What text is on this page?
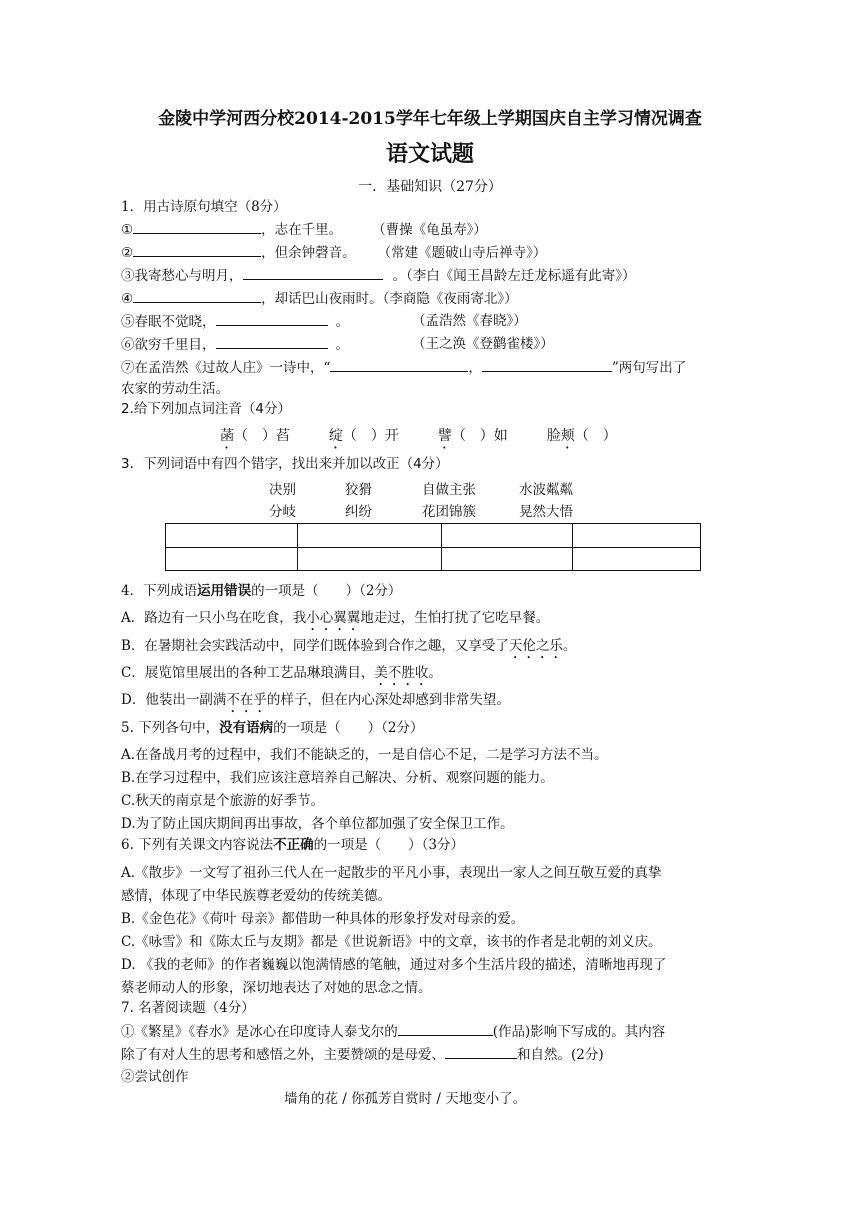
金陵中学河西分校2014-2015学年七年级上学期国庆自主学习情况调查
语文试题
一．基础知识（27分）
1．用古诗原句填空（8分）
①	，志在千里。 （曹操《龟虽寿》）
②	，但余钟磬音。 （常建《题破山寺后禅寺》）
③我寄愁心与明月，	。（李白《闻王昌龄左迁龙标遥有此寄》）
④	，却话巴山夜雨时。（李商隐《夜雨寄北》）
⑤春眠不觉晓，	。	（孟浩然《春晓》）
⑥欲穷千里目，	。	（王之涣《登鹳雀楼》）
⑦在孟浩然《过故人庄》一诗中，“	，	”两句写出了
农家的劳动生活。
2.给下列加点词注音（4分）
菡（　）萏	绽（　）开	譬（　）如	脸颊（　）
3．下列词语中有四个错字，找出来并加以改正（4分）
决别	狡猾	自做主张	水波粼粼
分岐	纠纷	花团锦簇	晃然大悟

4．下列成语运用错误的一项是（　　）（2分）
A．路边有一只小鸟在吃食，我小心翼翼地走过，生怕打扰了它吃早餐。
B．在暑期社会实践活动中，同学们既体验到合作之趣，又享受了天伦之乐。
C．展览馆里展出的各种工艺品琳琅满目，美不胜收。
D．他装出一副满不在乎的样子，但在内心深处却感到非常失望。
5. 下列各句中，没有语病的一项是（　　）（2分）
A.在备战月考的过程中，我们不能缺乏的，一是自信心不足，二是学习方法不当。
B.在学习过程中，我们应该注意培养自己解决、分析、观察问题的能力。
C.秋天的南京是个旅游的好季节。
D.为了防止国庆期间再出事故，各个单位都加强了安全保卫工作。
6. 下列有关课文内容说法不正确的一项是（　　）（3分）
A.《散步》一文写了祖孙三代人在一起散步的平凡小事，表现出一家人之间互敬互爱的真挚
感情，体现了中华民族尊老爱幼的传统美德。
B.《金色花》《荷叶 母亲》都借助一种具体的形象抒发对母亲的爱。
C.《咏雪》和《陈太丘与友期》都是《世说新语》中的文章，该书的作者是北朝的刘义庆。
D. 《我的老师》的作者巍巍以饱满情感的笔触，通过对多个生活片段的描述，清晰地再现了
蔡老师动人的形象，深切地表达了对她的思念之情。
7. 名著阅读题（4分）
①《繁星》《春水》是冰心在印度诗人泰戈尔的	(作品)影响下写成的。其内容
除了有对人生的思考和感悟之外，主要赞颂的是母爱、	和自然。(2分)
②尝试创作
墙角的花 / 你孤芳自赏时 / 天地变小了。
